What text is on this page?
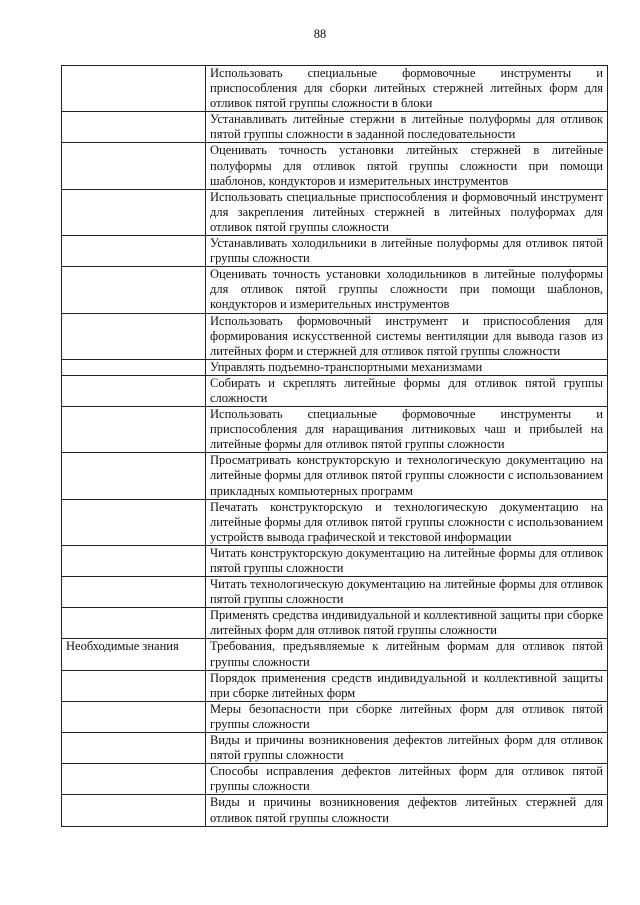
88
	Использовать специальные формовочные инструменты и приспособления для сборки литейных стержней литейных форм для отливок пятой группы сложности в блоки
	Устанавливать литейные стержни в литейные полуформы для отливок пятой группы сложности в заданной последовательности
	Оценивать точность установки литейных стержней в литейные полуформы для отливок пятой группы сложности при помощи шаблонов, кондукторов и измерительных инструментов
	Использовать специальные приспособления и формовочный инструмент для закрепления литейных стержней в литейных полуформах для отливок пятой группы сложности
	Устанавливать холодильники в литейные полуформы для отливок пятой группы сложности
	Оценивать точность установки холодильников в литейные полуформы для отливок пятой группы сложности при помощи шаблонов, кондукторов и измерительных инструментов
	Использовать формовочный инструмент и приспособления для формирования искусственной системы вентиляции для вывода газов из литейных форм и стержней для отливок пятой группы сложности
	Управлять подъемно-транспортными механизмами
	Собирать и скреплять литейные формы для отливок пятой группы сложности
	Использовать специальные формовочные инструменты и приспособления для наращивания литниковых чаш и прибылей на литейные формы для отливок пятой группы сложности
	Просматривать конструкторскую и технологическую документацию на литейные формы для отливок пятой группы сложности с использованием прикладных компьютерных программ
	Печатать конструкторскую и технологическую документацию на литейные формы для отливок пятой группы сложности с использованием устройств вывода графической и текстовой информации
	Читать конструкторскую документацию на литейные формы для отливок пятой группы сложности
	Читать технологическую документацию на литейные формы для отливок пятой группы сложности
	Применять средства индивидуальной и коллективной защиты при сборке литейных форм для отливок пятой группы сложности
Необходимые знания	Требования, предъявляемые к литейным формам для отливок пятой группы сложности
	Порядок применения средств индивидуальной и коллективной защиты при сборке литейных форм
	Меры безопасности при сборке литейных форм для отливок пятой группы сложности
	Виды и причины возникновения дефектов литейных форм для отливок пятой группы сложности
	Способы исправления дефектов литейных форм для отливок пятой группы сложности
	Виды и причины возникновения дефектов литейных стержней для отливок пятой группы сложности
